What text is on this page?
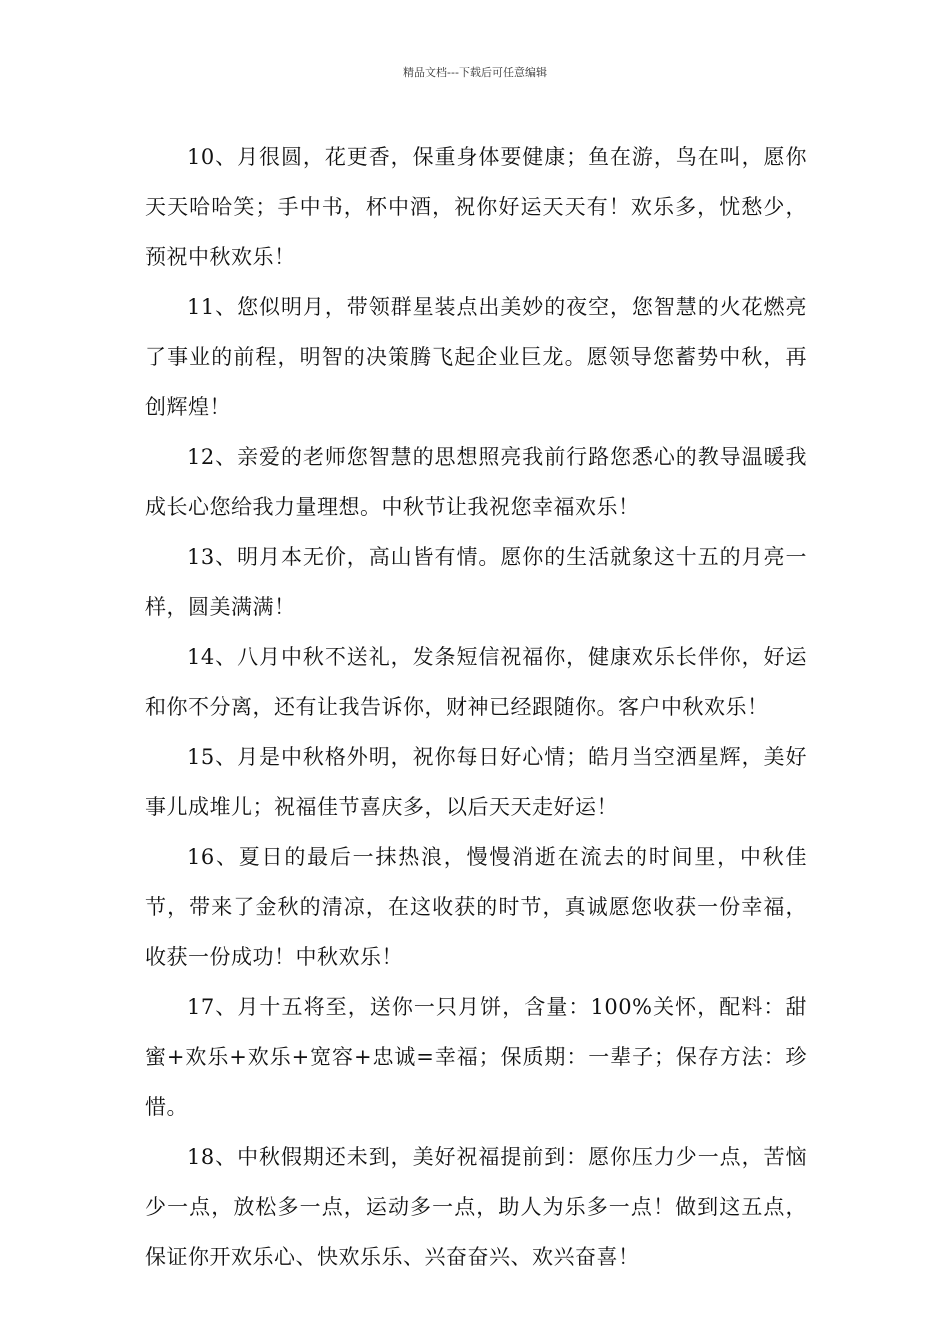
精品文档---下载后可任意编辑

10、月很圆，花更香，保重身体要健康；鱼在游，鸟在叫，愿你天天哈哈笑；手中书，杯中酒，祝你好运天天有！欢乐多，忧愁少，预祝中秋欢乐！

11、您似明月，带领群星装点出美妙的夜空，您智慧的火花燃亮了事业的前程，明智的决策腾飞起企业巨龙。愿领导您蓄势中秋，再创辉煌！

12、亲爱的老师您智慧的思想照亮我前行路您悉心的教导温暖我成长心您给我力量理想。中秋节让我祝您幸福欢乐！

13、明月本无价，高山皆有情。愿你的生活就象这十五的月亮一样，圆美满满！

14、八月中秋不送礼，发条短信祝福你，健康欢乐长伴你，好运和你不分离，还有让我告诉你，财神已经跟随你。客户中秋欢乐！

15、月是中秋格外明，祝你每日好心情；皓月当空洒星辉，美好事儿成堆儿；祝福佳节喜庆多，以后天天走好运！

16、夏日的最后一抹热浪，慢慢消逝在流去的时间里，中秋佳节，带来了金秋的清凉，在这收获的时节，真诚愿您收获一份幸福，收获一份成功！中秋欢乐！

17、月十五将至，送你一只月饼，含量：100%关怀，配料：甜蜜+欢乐+欢乐+宽容+忠诚=幸福；保质期：一辈子；保存方法：珍惜。

18、中秋假期还未到，美好祝福提前到：愿你压力少一点，苦恼少一点，放松多一点，运动多一点，助人为乐多一点！做到这五点，保证你开欢乐心、快欢乐乐、兴奋奋兴、欢兴奋喜！
